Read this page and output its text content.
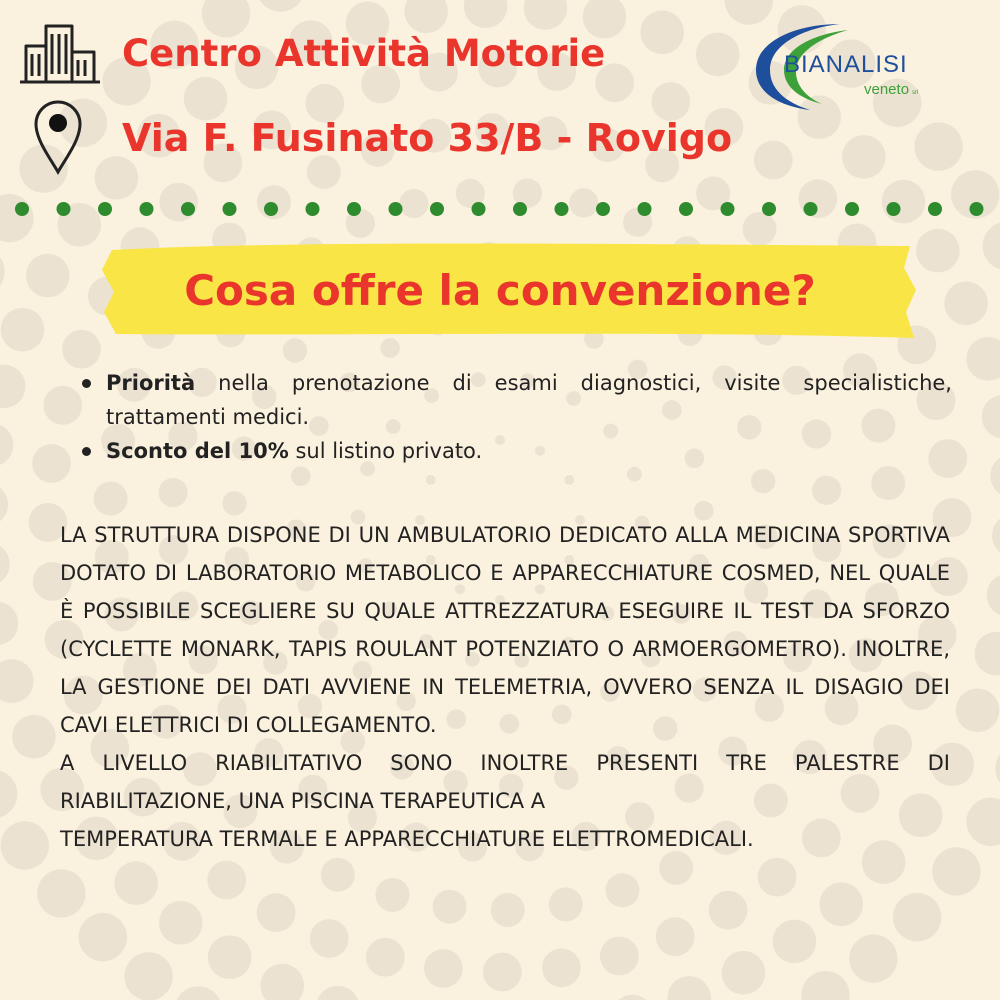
Centro Attività Motorie
Via F. Fusinato 33/B - Rovigo
BIANALISI
veneto srl
Cosa offre la convenzione?
Priorità nella prenotazione di esami diagnostici, visite specialistiche, trattamenti medici.
Sconto del 10% sul listino privato.

LA STRUTTURA DISPONE DI UN AMBULATORIO DEDICATO ALLA MEDICINA SPORTIVA DOTATO DI LABORATORIO METABOLICO E APPARECCHIATURE COSMED, NEL QUALE È POSSIBILE SCEGLIERE SU QUALE ATTREZZATURA ESEGUIRE IL TEST DA SFORZO (CYCLETTE MONARK, TAPIS ROULANT POTENZIATO O ARMOERGOMETRO). INOLTRE, LA GESTIONE DEI DATI AVVIENE IN TELEMETRIA, OVVERO SENZA IL DISAGIO DEI CAVI ELETTRICI DI COLLEGAMENTO.

A LIVELLO RIABILITATIVO SONO INOLTRE PRESENTI TRE PALESTRE DI RIABILITAZIONE, UNA PISCINA TERAPEUTICA A

TEMPERATURA TERMALE E APPARECCHIATURE ELETTROMEDICALI.
